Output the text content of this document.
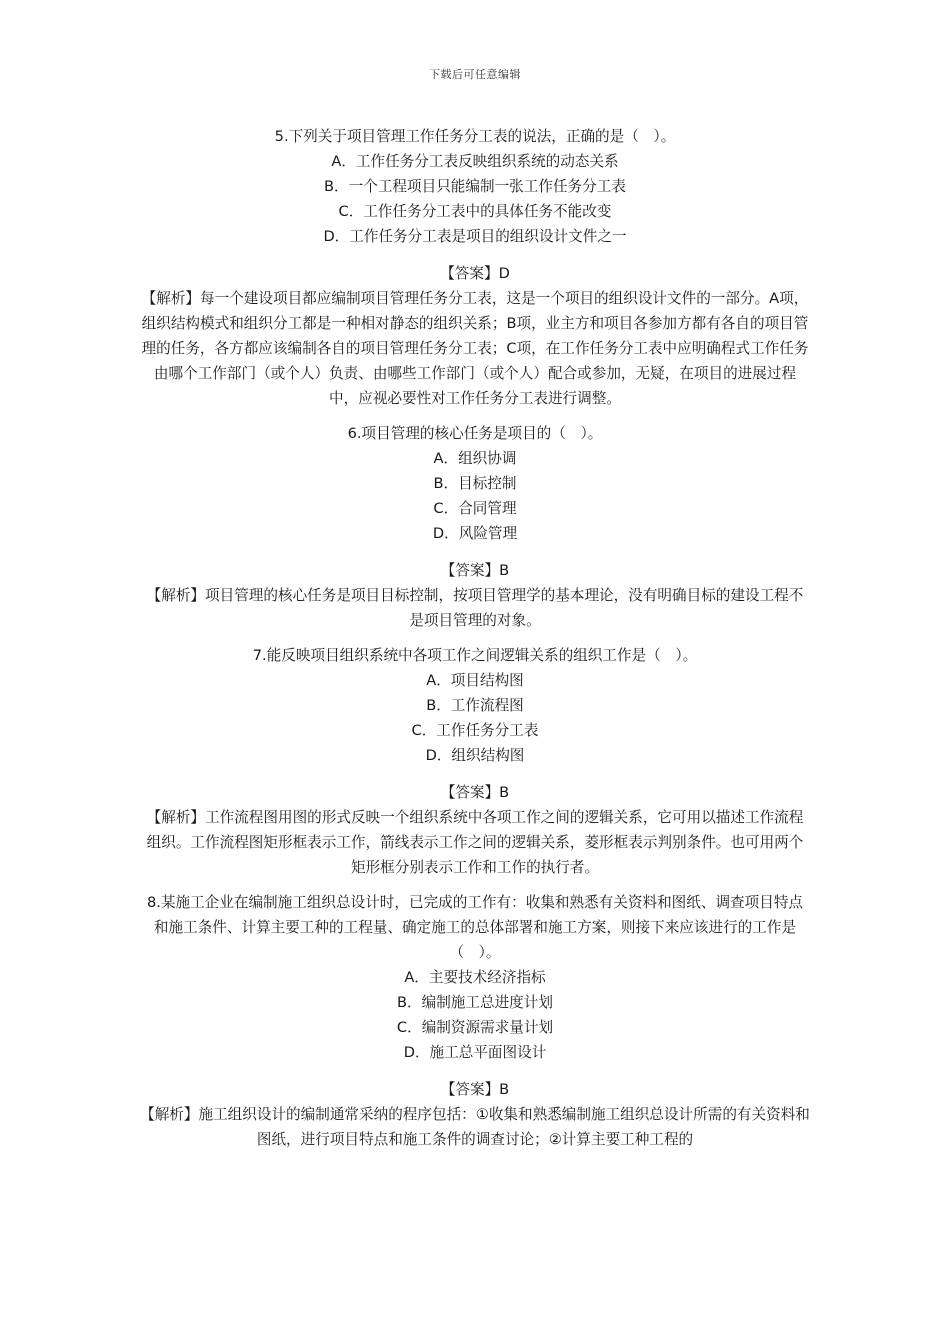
下载后可任意编辑
5.下列关于项目管理工作任务分工表的说法，正确的是（　）。
A．工作任务分工表反映组织系统的动态关系
B．一个工程项目只能编制一张工作任务分工表
C．工作任务分工表中的具体任务不能改变
D．工作任务分工表是项目的组织设计文件之一
【答案】D
【解析】每一个建设项目都应编制项目管理任务分工表，这是一个项目的组织设计文件的一部分。A项，组织结构模式和组织分工都是一种相对静态的组织关系；B项，业主方和项目各参加方都有各自的项目管理的任务，各方都应该编制各自的项目管理任务分工表；C项，在工作任务分工表中应明确程式工作任务由哪个工作部门（或个人）负责、由哪些工作部门（或个人）配合或参加，无疑，在项目的进展过程中，应视必要性对工作任务分工表进行调整。
6.项目管理的核心任务是项目的（　）。
A．组织协调
B．目标控制
C．合同管理
D．风险管理
【答案】B
【解析】项目管理的核心任务是项目目标控制，按项目管理学的基本理论，没有明确目标的建设工程不是项目管理的对象。
7.能反映项目组织系统中各项工作之间逻辑关系的组织工作是（　）。
A．项目结构图
B．工作流程图
C．工作任务分工表
D．组织结构图
【答案】B
【解析】工作流程图用图的形式反映一个组织系统中各项工作之间的逻辑关系，它可用以描述工作流程组织。工作流程图矩形框表示工作，箭线表示工作之间的逻辑关系，菱形框表示判别条件。也可用两个矩形框分别表示工作和工作的执行者。
8.某施工企业在编制施工组织总设计时，已完成的工作有：收集和熟悉有关资料和图纸、调查项目特点和施工条件、计算主要工种的工程量、确定施工的总体部署和施工方案，则接下来应该进行的工作是（　）。
A．主要技术经济指标
B．编制施工总进度计划
C．编制资源需求量计划
D．施工总平面图设计
【答案】B
【解析】施工组织设计的编制通常采纳的程序包括：①收集和熟悉编制施工组织总设计所需的有关资料和图纸，进行项目特点和施工条件的调查讨论；②计算主要工种工程的
